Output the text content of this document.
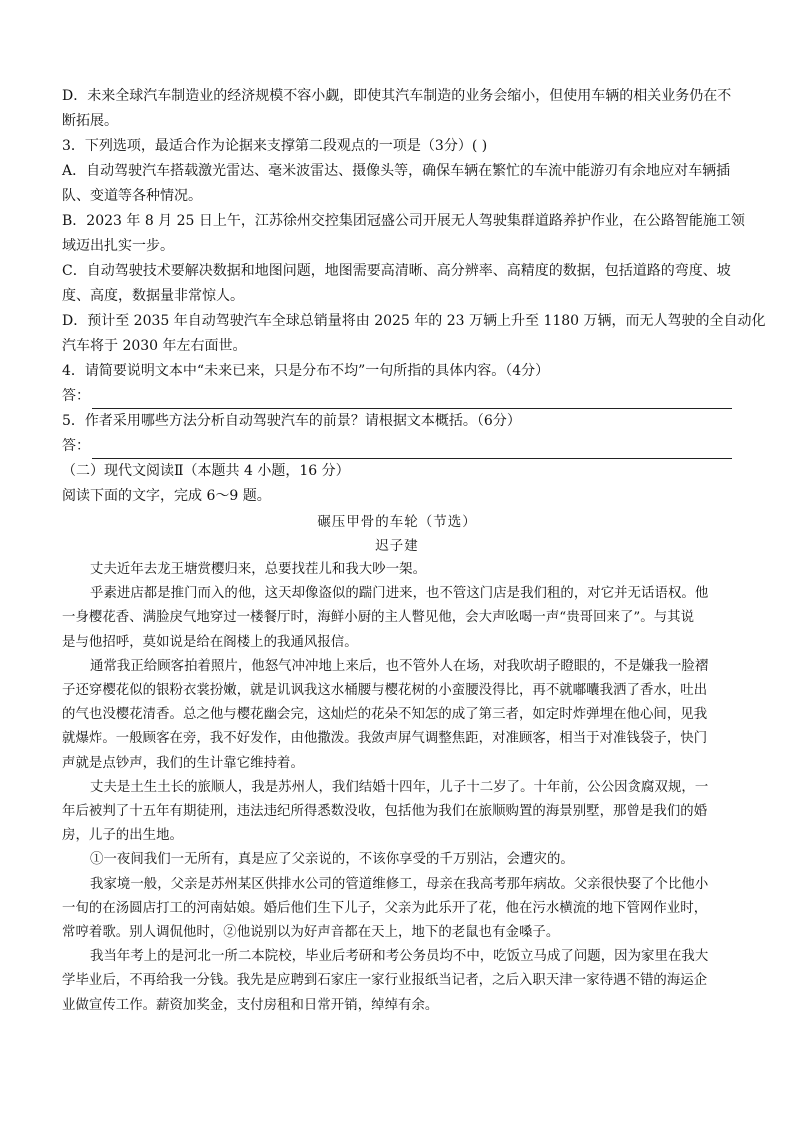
D．未来全球汽车制造业的经济规模不容小觑，即使其汽车制造的业务会缩小，但使用车辆的相关业务仍在不
断拓展。
3．下列选项，最适合作为论据来支撑第二段观点的一项是（3分）( )
A．自动驾驶汽车搭载激光雷达、毫米波雷达、摄像头等，确保车辆在繁忙的车流中能游刃有余地应对车辆插
队、变道等各种情况。
B．2023 年 8 月 25 日上午，江苏徐州交控集团冠盛公司开展无人驾驶集群道路养护作业，在公路智能施工领
域迈出扎实一步。
C．自动驾驶技术要解决数据和地图问题，地图需要高清晰、高分辨率、高精度的数据，包括道路的弯度、坡
度、高度，数据量非常惊人。
D．预计至 2035 年自动驾驶汽车全球总销量将由 2025 年的 23 万辆上升至 1180 万辆，而无人驾驶的全自动化
汽车将于 2030 年左右面世。
4．请简要说明文本中“未来已来，只是分布不均”一句所指的具体内容。（4分）
答：
5．作者采用哪些方法分析自动驾驶汽车的前景？请根据文本概括。（6分）
答：
（二）现代文阅读Ⅱ（本题共 4 小题，16 分）
阅读下面的文字，完成 6～9 题。
碾压甲骨的车轮（节选）
迟子建
丈夫近年去龙王塘赏樱归来，总要找茬儿和我大吵一架。
乎素进店都是推门而入的他，这天却像盗似的踹门进来，也不管这门店是我们租的，对它并无话语权。他
一身樱花香、满脸戾气地穿过一楼餐厅时，海鲜小厨的主人瞥见他，会大声吆喝一声“贵哥回来了”。与其说
是与他招呼，莫如说是给在阁楼上的我通风报信。
通常我正给顾客拍着照片，他怒气冲冲地上来后，也不管外人在场，对我吹胡子瞪眼的，不是嫌我一脸褶
子还穿樱花似的银粉衣裳扮嫩，就是讥讽我这水桶腰与樱花树的小蛮腰没得比，再不就嘟囔我洒了香水，吐出
的气也没樱花清香。总之他与樱花幽会完，这灿烂的花朵不知怎的成了第三者，如定时炸弹埋在他心间，见我
就爆炸。一般顾客在旁，我不好发作，由他撒泼。我敛声屏气调整焦距，对准顾客，相当于对准钱袋子，快门
声就是点钞声，我们的生计靠它维持着。
丈夫是土生土长的旅顺人，我是苏州人，我们结婚十四年，儿子十二岁了。十年前，公公因贪腐双规，一
年后被判了十五年有期徒刑，违法违纪所得悉数没收，包括他为我们在旅顺购置的海景别墅，那曾是我们的婚
房，儿子的出生地。
①一夜间我们一无所有，真是应了父亲说的，不该你享受的千万别沾，会遭灾的。
我家境一般，父亲是苏州某区供排水公司的管道维修工，母亲在我高考那年病故。父亲很快娶了个比他小
一旬的在汤圆店打工的河南姑娘。婚后他们生下儿子，父亲为此乐开了花，他在污水横流的地下管网作业时，
常哼着歌。别人调侃他时，②他说别以为好声音都在天上，地下的老鼠也有金嗓子。
我当年考上的是河北一所二本院校，毕业后考研和考公务员均不中，吃饭立马成了问题，因为家里在我大
学毕业后，不再给我一分钱。我先是应聘到石家庄一家行业报纸当记者，之后入职天津一家待遇不错的海运企
业做宣传工作。薪资加奖金，支付房租和日常开销，绰绰有余。
